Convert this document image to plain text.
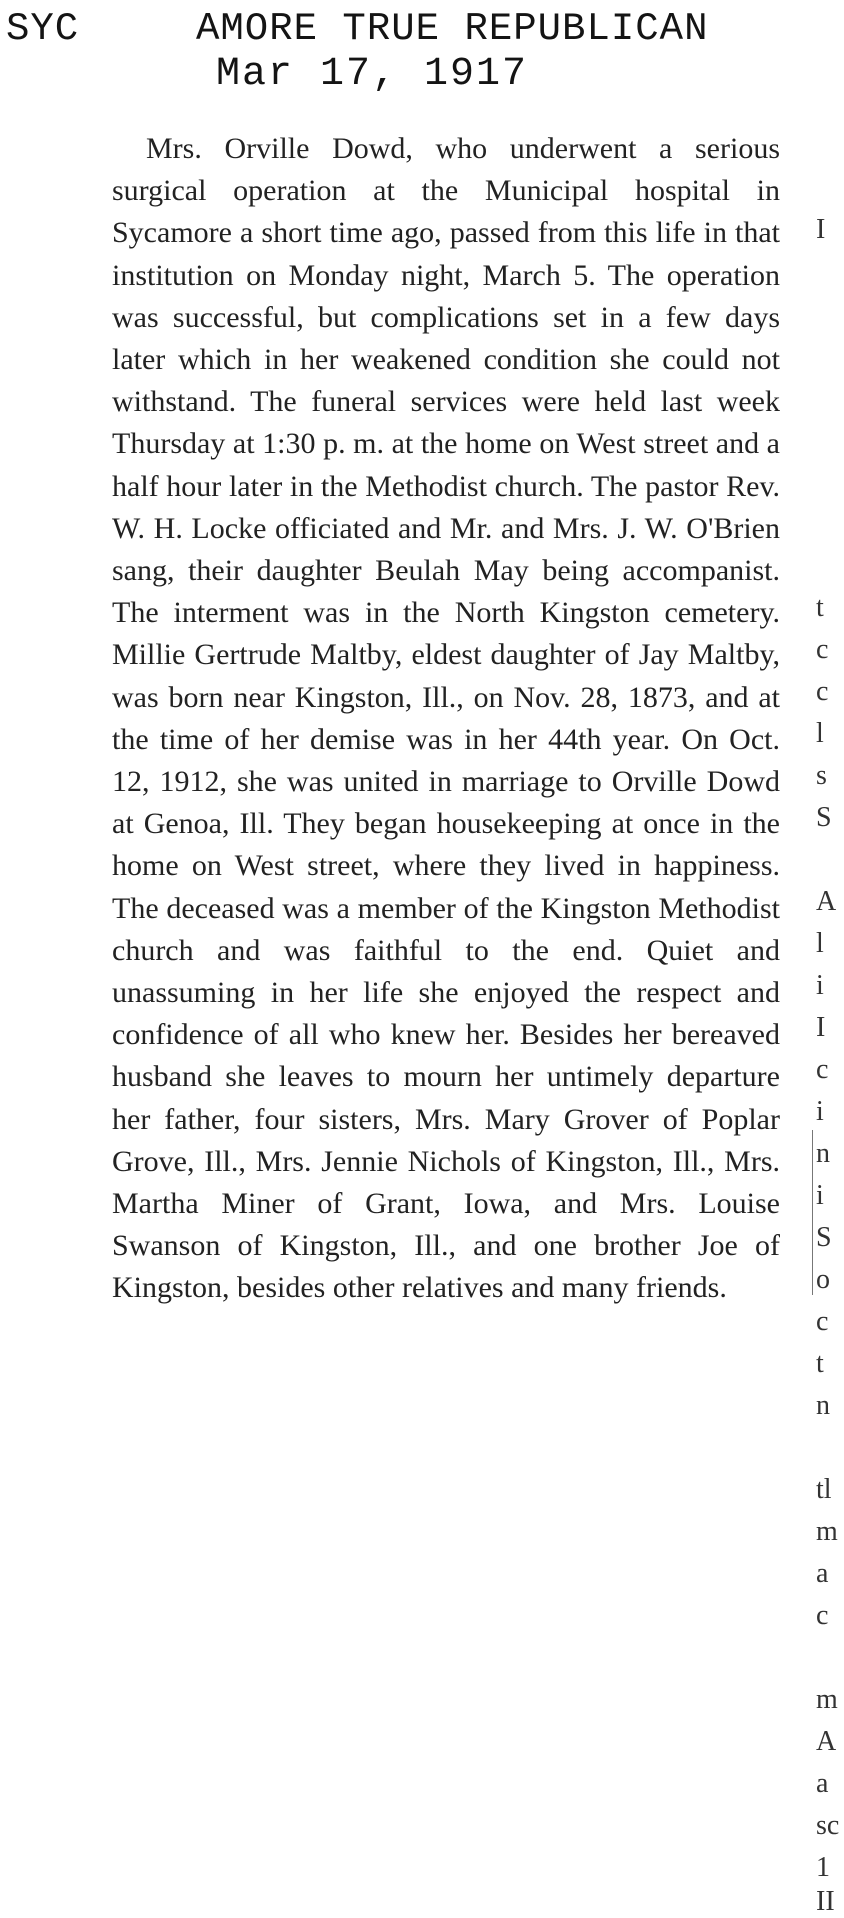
SYC	AMORE TRUE REPUBLICAN
Mar 17, 1917

Mrs. Orville Dowd, who underwent a serious surgical operation at the Municipal hospital in Sycamore a short time ago, passed from this life in that institution on Monday night, March 5. The operation was successful, but complications set in a few days later which in her weakened condition she could not withstand. The funeral services were held last week Thursday at 1:30 p. m. at the home on West street and a half hour later in the Methodist church. The pastor Rev. W. H. Locke officiated and Mr. and Mrs. J. W. O'Brien sang, their daughter Beulah May being accompanist. The interment was in the North Kingston cemetery. Millie Gertrude Maltby, eldest daughter of Jay Maltby, was born near Kingston, Ill., on Nov. 28, 1873, and at the time of her demise was in her 44th year. On Oct. 12, 1912, she was united in marriage to Orville Dowd at Genoa, Ill. They began housekeeping at once in the home on West street, where they lived in happiness. The deceased was a member of the Kingston Methodist church and was faithful to the end. Quiet and unassuming in her life she enjoyed the respect and confidence of all who knew her. Besides her bereaved husband she leaves to mourn her untimely departure her father, four sisters, Mrs. Mary Grover of Poplar Grove, Ill., Mrs. Jennie Nichols of Kingston, Ill., Mrs. Martha Miner of Grant, Iowa, and Mrs. Louise Swanson of Kingston, Ill., and one brother Joe of Kingston, besides other relatives and many friends.

I
t
c
c
l
s
S
A
l
i
I
c
i
n
i
S
o
c
t
n
tl
m
a
c
m
A
a
sc
1
II
